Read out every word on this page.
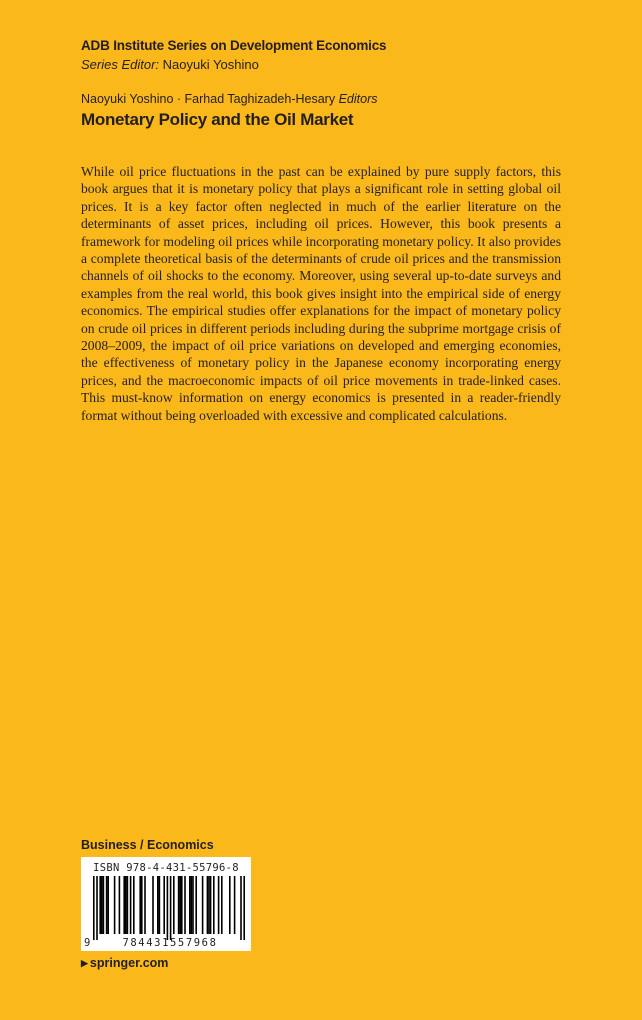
ADB Institute Series on Development Economics
Series Editor: Naoyuki Yoshino
Naoyuki Yoshino · Farhad Taghizadeh-Hesary Editors
Monetary Policy and the Oil Market

While oil price fluctuations in the past can be explained by pure supply factors, this book argues that it is monetary policy that plays a significant role in setting global oil prices. It is a key factor often neglected in much of the earlier literature on the determinants of asset prices, including oil prices. However, this book presents a framework for modeling oil prices while incorporating monetary policy. It also provides a complete theoretical basis of the determinants of crude oil prices and the transmission channels of oil shocks to the economy. Moreover, using several up-to-date surveys and examples from the real world, this book gives insight into the empirical side of energy economics. The empirical studies offer explanations for the impact of monetary policy on crude oil prices in different periods including during the subprime mortgage crisis of 2008–2009, the impact of oil price variations on developed and emerging economies, the effectiveness of monetary policy in the Japanese economy incorporating energy prices, and the macroeconomic impacts of oil price movements in trade-linked cases. This must-know information on energy economics is presented in a reader-friendly format without being overloaded with excessive and complicated calculations.

Business / Economics
ISBN 978-4-431-55796-8
9	784431557968
▶ springer.com
